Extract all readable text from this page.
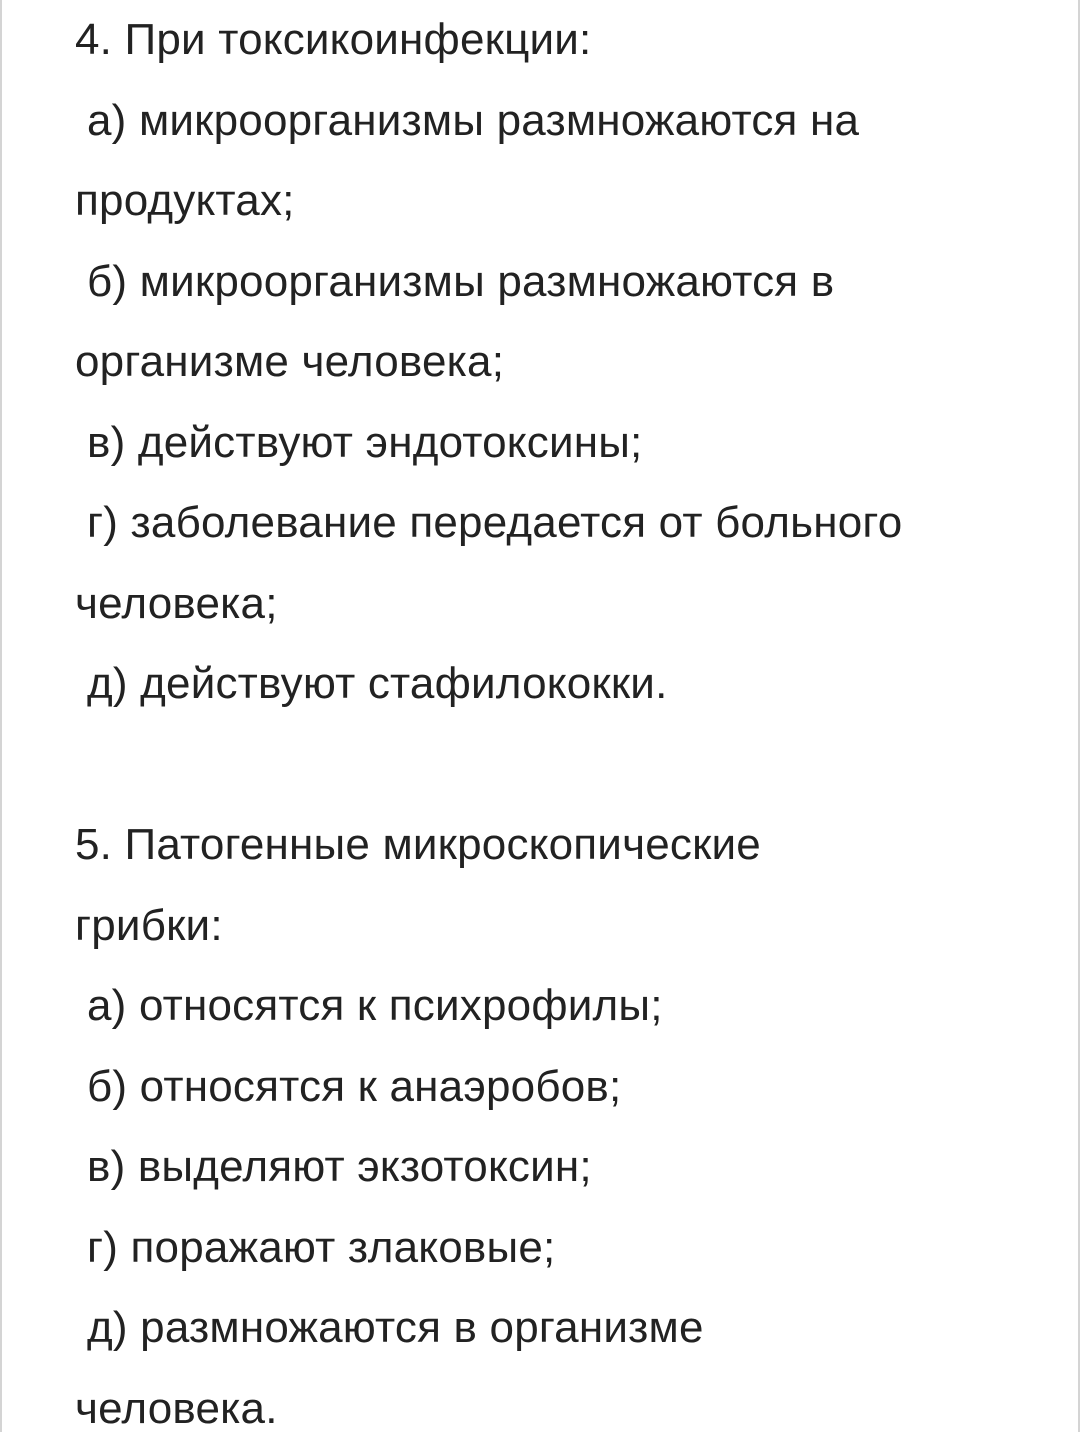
4. При токсикоинфекции:
а) микроорганизмы размножаются на
продуктах;
б) микроорганизмы размножаются в
организме человека;
в) действуют эндотоксины;
г) заболевание передается от больного
человека;
д) действуют стафилококки.
5. Патогенные микроскопические
грибки:
а) относятся к психрофилы;
б) относятся к анаэробов;
в) выделяют экзотоксин;
г) поражают злаковые;
д) размножаются в организме
человека.
